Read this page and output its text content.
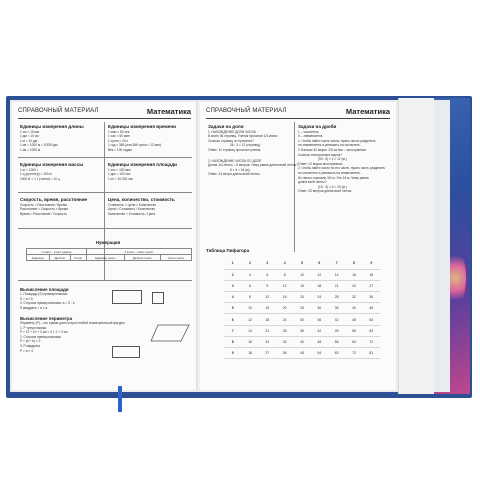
СПРАВОЧНЫЙ МАТЕРИАЛ	Математика
Единицы измерения длины
1 см = 10 мм
1 дм = 10 см
1 м = 10 дм
1 км = 1000 м = 10000 дм
1 км = 1000 м
Единицы измерения времени
1 мин = 60 сек
1 час = 60 мин
1 сутки = 24 ч
1 год = 365 (или 366 сутки = 12 мес)
Век = 100 годам
Единицы измерения массы
1 кг = 1000 г
1 ц (центнер) = 100 кг
1000 кг = 1 т (тонна) = 10 ц
Единицы измерения площади
1 см² = 100 мм²
1 дм² = 100 см²
1 м² = 10 000 см²
Скорость, время, расстояние
Скорость = Расстояние / Время
Расстояние = Скорость × Время
Время = Расстояние / Скорость
Цена, количество, стоимость
Стоимость = Цена × Количество
Цена = Стоимость / Количество
Количество = Стоимость / Цена
Нумерация
1 класс – класс единиц			II класс – класс тысяч		
Единицы	Десятки	Сотни	Единицы тысяч	Десятки тысяч	Сотни тысяч
Вычисление площади
1. Площадь (S) прямоугольника
S = a × b
2. Сторона прямоугольника: a = S : b
S квадрата = a × a
Вычисление периметра
Периметр (P) – это сумма длин сторон любой геометрической фигуры.
1. P треугольника
P = 12 + 10 + 3 см = 4 + 2 + 3 см
2. Сторона прямоугольника
P = (a + b) × 2
3. P квадрата
P = a × 4
СПРАВОЧНЫЙ МАТЕРИАЛ	Математика
Задачи на доли
1. НАХОЖДЕНИЕ ДОЛИ ЧИСЛА
В книге 36 страниц. Ученик прочитал 1/3 книги.
Сколько страниц он прочитал?
36 : 3 = 12 (страниц).
Ответ: 12 страниц прочитал ученик.
2. НАХОЖДЕНИЕ ЧИСЛА ПО ДОЛЕ
Длина 1/4 ленты – 6 метров. Чему равна длина всей ленты?
6 × 4 = 24 (м).
Ответ: 24 метра длина всей ленты.
Задачи на дроби
1 – числитель
5 – знаменатель
1. Чтобы найти часть числа, нужно число разделить
на знаменатель и умножить на числитель.
У Наташи 30 марок. 2/5 из них – иностранные.
Сколько иностранных марок?
(30 : 5) × 2 = 12 (м.)
Ответ: 12 марок иностранные.
2. Чтобы найти число по его части, нужно часть разделить
на числитель и умножить на знаменатель.
Из ленты отрезали 3/4 м. Это 15 м. Чему равна
длина всей ленты?
(15 : 3) × 4 = 20 (м.)
Ответ: 20 метров длина всей ленты.
Таблица Пифагора
1	2	3	4	5	6	7	8	9
2	4	6	8	10	12	14	16	18
3	6	9	12	15	18	21	24	27
4	8	12	16	20	24	28	32	36
5	10	15	20	25	30	35	40	45
6	12	18	24	30	36	42	48	54
7	14	21	28	35	42	49	56	63
8	16	24	32	40	48	56	64	72
9	18	27	36	45	54	63	72	81
